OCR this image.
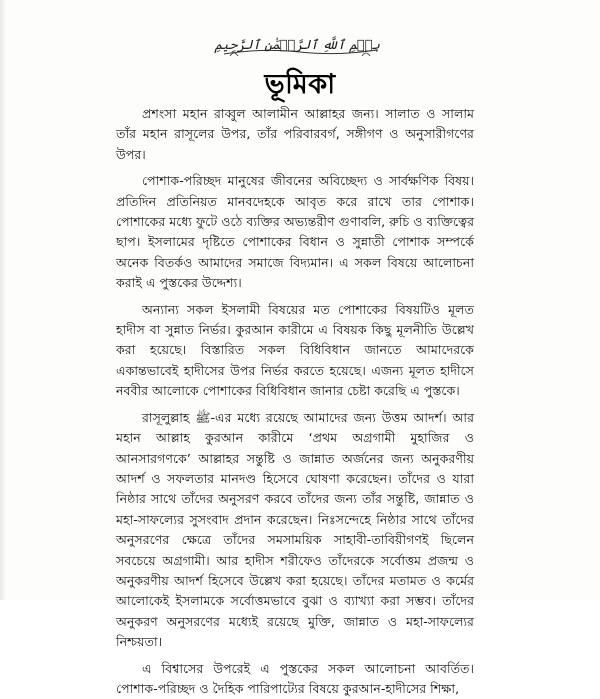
بِسۡمِ ٱللَّهِ ٱلرَّحۡمَٰنِ ٱلرَّحِيمِ
ভূমিকা

প্রশংসা মহান রাব্বুল আলামীন আল্লাহর জন্য। সালাত ও সালাম তাঁর মহান রাসূলের উপর, তাঁর পরিবারবর্গ, সঙ্গীগণ ও অনুসারীগণের উপর।

পোশাক-পরিচ্ছদ মানুষের জীবনের অবিচ্ছেদ্য ও সার্বক্ষণিক বিষয়। প্রতিদিন প্রতিনিয়ত মানবদেহকে আবৃত করে রাখে তার পোশাক। পোশাকের মধ্যে ফুটে ওঠে ব্যক্তির অভ্যন্তরীণ গুণাবলি, রুচি ও ব্যক্তিত্বের ছাপ। ইসলামের দৃষ্টিতে পোশাকের বিধান ও সুন্নাতী পোশাক সম্পর্কে অনেক বিতর্কও আমাদের সমাজে বিদ্যমান। এ সকল বিষয়ে আলোচনা করাই এ পুস্তকের উদ্দেশ্য।

অন্যান্য সকল ইসলামী বিষয়ের মত পোশাকের বিষয়টিও মূলত হাদীস বা সুন্নাত নির্ভর। কুরআন কারীমে এ বিষয়ক কিছু মূলনীতি উল্লেখ করা হয়েছে। বিস্তারিত সকল বিধিবিধান জানতে আমাদেরকে একান্তভাবেই হাদীসের উপর নির্ভর করতে হয়েছে। এজন্য মূলত হাদীসে নববীর আলোকে পোশাকের বিধিবিধান জানার চেষ্টা করেছি এ পুস্তকে।

রাসূলুল্লাহ ﷺ-এর মধ্যে রয়েছে আমাদের জন্য উত্তম আদর্শ। আর মহান আল্লাহ কুরআন কারীমে ‘প্রথম অগ্রগামী মুহাজির ও আনসারগণকে’ আল্লাহর সন্তুষ্টি ও জান্নাত অর্জনের জন্য অনুকরণীয় আদর্শ ও সফলতার মানদণ্ড হিসেবে ঘোষণা করেছেন। তাঁদের ও যারা নিষ্ঠার সাথে তাঁদের অনুসরণ করবে তাঁদের জন্য তাঁর সন্তুষ্টি, জান্নাত ও মহা-সাফল্যের সুসংবাদ প্রদান করেছেন। নিঃসন্দেহে নিষ্ঠার সাথে তাঁদের অনুসরণের ক্ষেত্রে তাঁদের সমসাময়িক সাহাবী-তাবিয়ীগণই ছিলেন সবচেয়ে অগ্রগামী। আর হাদীস শরীফেও তাঁদেরকে সর্বোত্তম প্রজন্ম ও অনুকরণীয় আদর্শ হিসেবে উল্লেখ করা হয়েছে। তাঁদের মতামত ও কর্মের আলোকেই ইসলামকে সর্বোত্তমভাবে বুঝা ও ব্যাখ্যা করা সম্ভব। তাঁদের অনুকরণ অনুসরণের মধ্যেই রয়েছে মুক্তি, জান্নাত ও মহা-সাফল্যের নিশ্চয়তা।

এ বিশ্বাসের উপরেই এ পুস্তকের সকল আলোচনা আবর্তিত। পোশাক-পরিচ্ছদ ও দৈহিক পারিপাট্যের বিষয়ে কুরআন-হাদীসের শিক্ষা,
